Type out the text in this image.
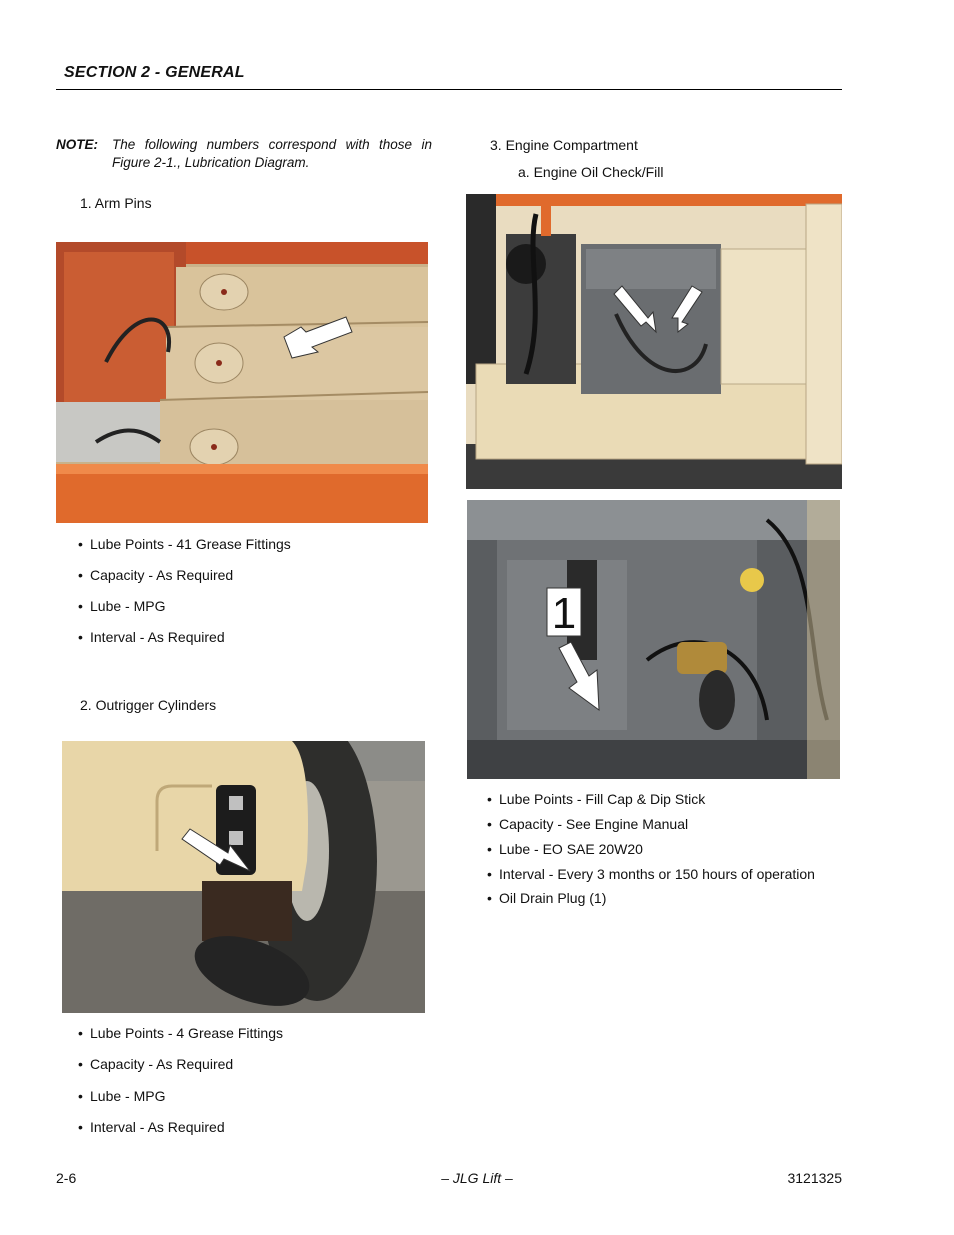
SECTION 2 - GENERAL
NOTE: The following numbers correspond with those in Figure 2-1., Lubrication Diagram.
1. Arm Pins
• Lube Points - 41 Grease Fittings
• Capacity - As Required
• Lube - MPG
• Interval - As Required
2. Outrigger Cylinders
• Lube Points - 4 Grease Fittings
• Capacity - As Required
• Lube - MPG
• Interval - As Required
3. Engine Compartment
a. Engine Oil Check/Fill
1
• Lube Points - Fill Cap & Dip Stick
• Capacity - See Engine Manual
• Lube - EO SAE 20W20
• Interval - Every 3 months or 150 hours of operation
• Oil Drain Plug (1)
2-6	– JLG Lift –	3121325
